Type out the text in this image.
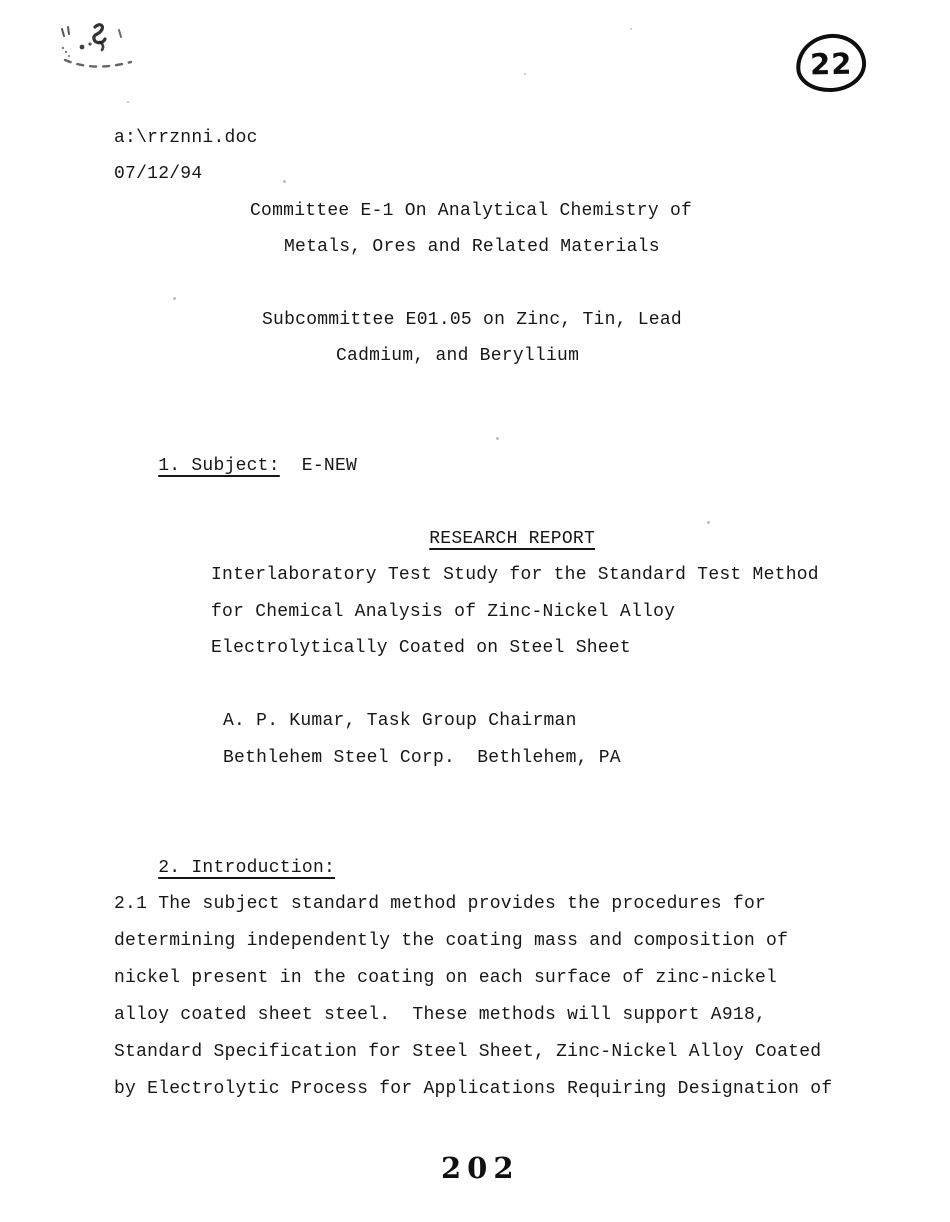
22
a:\rrznni.doc
07/12/94
Committee E-1 On Analytical Chemistry of
Metals, Ores and Related Materials
Subcommittee E01.05 on Zinc, Tin, Lead
Cadmium, and Beryllium

1. Subject: E-NEW

RESEARCH REPORT

Interlaboratory Test Study for the Standard Test Method
for Chemical Analysis of Zinc-Nickel Alloy
Electrolytically Coated on Steel Sheet
A. P. Kumar, Task Group Chairman
Bethlehem Steel Corp.  Bethlehem, PA

2. Introduction:

2.1 The subject standard method provides the procedures for
determining independently the coating mass and composition of
nickel present in the coating on each surface of zinc-nickel
alloy coated sheet steel.  These methods will support A918,
Standard Specification for Steel Sheet, Zinc-Nickel Alloy Coated
by Electrolytic Process for Applications Requiring Designation of
202
